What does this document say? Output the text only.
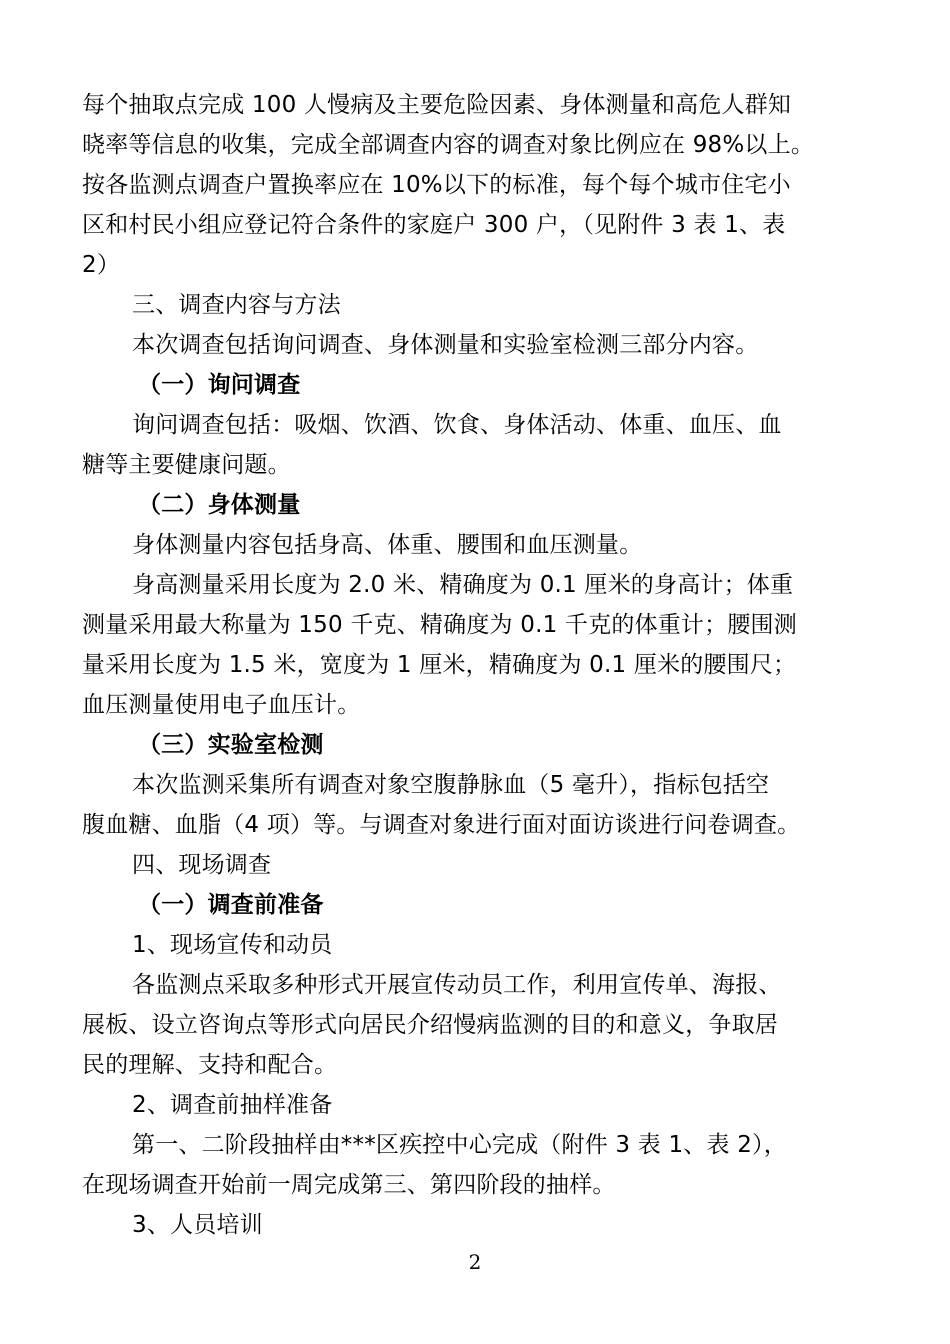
每个抽取点完成 100 人慢病及主要危险因素、身体测量和高危人群知
晓率等信息的收集，完成全部调查内容的调查对象比例应在 98%以上。
按各监测点调查户置换率应在 10%以下的标准，每个每个城市住宅小
区和村民小组应登记符合条件的家庭户 300 户，（见附件 3 表 1、表
2）
三、调查内容与方法
本次调查包括询问调查、身体测量和实验室检测三部分内容。
（一）询问调查
询问调查包括：吸烟、饮酒、饮食、身体活动、体重、血压、血
糖等主要健康问题。
（二）身体测量
身体测量内容包括身高、体重、腰围和血压测量。
身高测量采用长度为 2.0 米、精确度为 0.1 厘米的身高计；体重
测量采用最大称量为 150 千克、精确度为 0.1 千克的体重计；腰围测
量采用长度为 1.5 米，宽度为 1 厘米，精确度为 0.1 厘米的腰围尺；
血压测量使用电子血压计。
（三）实验室检测
本次监测采集所有调查对象空腹静脉血（5 毫升），指标包括空
腹血糖、血脂（4 项）等。与调查对象进行面对面访谈进行问卷调查。
四、现场调查
（一）调查前准备
1、现场宣传和动员
各监测点采取多种形式开展宣传动员工作，利用宣传单、海报、
展板、设立咨询点等形式向居民介绍慢病监测的目的和意义，争取居
民的理解、支持和配合。
2、调查前抽样准备
第一、二阶段抽样由***区疾控中心完成（附件 3 表 1、表 2），
在现场调查开始前一周完成第三、第四阶段的抽样。
3、人员培训
2
